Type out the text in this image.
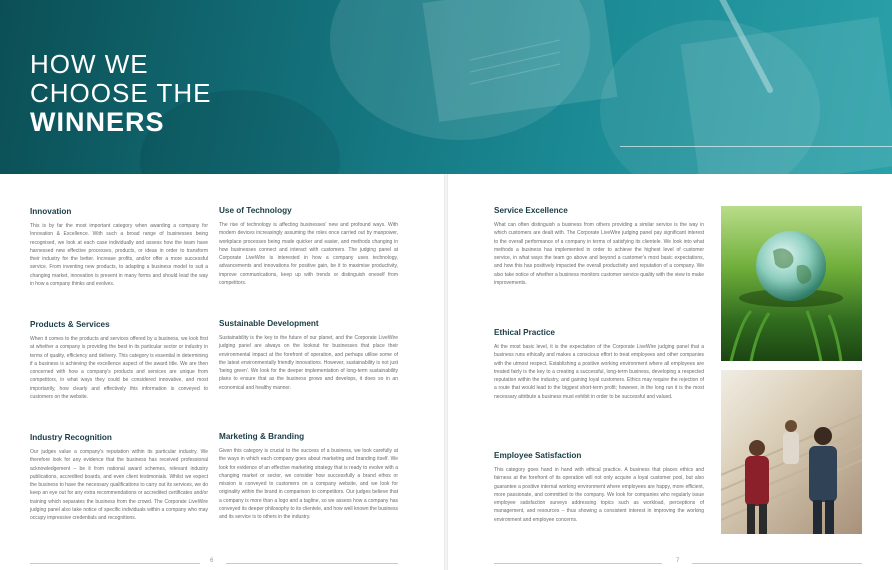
HOW WE
CHOOSE THE
WINNERS

Innovation

This is by far the most important category when awarding a company for Innovation & Excellence. With such a broad range of businesses being recognised, we look at each case individually and assess how the team have harnessed new effective processes, products, or ideas in order to transform their industry for the better. Increase profits, and/or offer a more successful service. From inventing new products, to adapting a business model to suit a changing market, innovation is present in many forms and should lead the way in how a company thinks and evolves.

Products & Services

When it comes to the products and services offered by a business, we look first at whether a company is providing the best in its particular sector or industry in terms of quality, efficiency and delivery. This category is essential in determining if a business is achieving the excellence aspect of the award title. We are then concerned with how a company's products and services are unique from competitors, in what ways they could be considered innovative, and most importantly, how clearly and effectively this information is conveyed to customers on the website.

Industry Recognition

Our judges value a company's reputation within its particular industry. We therefore look for any evidence that the business has received professional acknowledgement – be it from national award schemes, relevant industry publications, accredited boards, and even client testimonials. Whilst we expect the business to have the necessary qualifications to carry out its services, we do keep an eye out for any extra recommendations or accredited certificates and/or training which separates the business from the crowd. The Corporate LiveWire judging panel also take notice of specific individuals within a company who may occupy impressive credentials and recognitions.

Use of Technology

The rise of technology is affecting businesses' new and profound ways. With modern devices increasingly assuming the roles once carried out by manpower, workplace processes being made quicker and easier, and methods changing in how businesses connect and interact with customers. The judging panel at Corporate LiveWire is interested in how a company uses technology, advancements and innovations for positive gain, be it to maximise productivity, improve communications, keep up with trends or distinguish oneself from competitors.

Sustainable Development

Sustainability is the key to the future of our planet, and the Corporate LiveWire judging panel are always on the lookout for businesses that place their environmental impact at the forefront of operation, and perhaps utilise some of the latest environmentally friendly innovations. However, sustainability is not just 'being green'. We look for the deeper implementation of long-term sustainability plans to ensure that as the business grows and develops, it does so in an economical and healthy manner.

Marketing & Branding

Given this category is crucial to the success of a business, we look carefully at the ways in which each company goes about marketing and branding itself. We look for evidence of an effective marketing strategy that is ready to evolve with a changing market or sector, we consider how successfully a brand ethos or mission is conveyed to customers on a company website, and we look for originality within the brand in comparison to competitors. Our judges believe that a company is more than a logo and a tagline, so we assess how a company has conveyed its deeper philosophy to its clientele, and how well known the business and its service is to others in the industry.

6

Service Excellence

What can often distinguish a business from others providing a similar service is the way in which customers are dealt with. The Corporate LiveWire judging panel pay significant interest to the overall performance of a company in terms of satisfying its clientele. We look into what methods a business has implemented in order to achieve the highest level of customer service, in what ways the team go above and beyond a customer's most basic expectations, and how this has positively impacted the overall productivity and reputation of a company. We also take notice of whether a business monitors customer service quality with the view to make improvements.

Ethical Practice

At the most basic level, it is the expectation of the Corporate LiveWire judging panel that a business runs ethically and makes a conscious effort to treat employees and other companies with the utmost respect. Establishing a positive working environment where all employees are treated fairly is the key to a creating a successful, long-term business, developing a respected reputation within the industry, and gaining loyal customers. Ethics may require the rejection of a route that would lead to the biggest short-term profit; however, in the long run it is the most necessary attribute a business must exhibit in order to be successful and valued.

Employee Satisfaction

This category goes hand in hand with ethical practice. A business that places ethics and fairness at the forefront of its operation will not only acquire a loyal customer pool, but also guarantee a positive internal working environment where employees are happy, more efficient, more passionate, and committed to the company. We look for companies who regularly issue employee satisfaction surveys addressing topics such as workload, perceptions of management, and resources – thus showing a consistent interest in improving the working environment and employee concerns.

7
